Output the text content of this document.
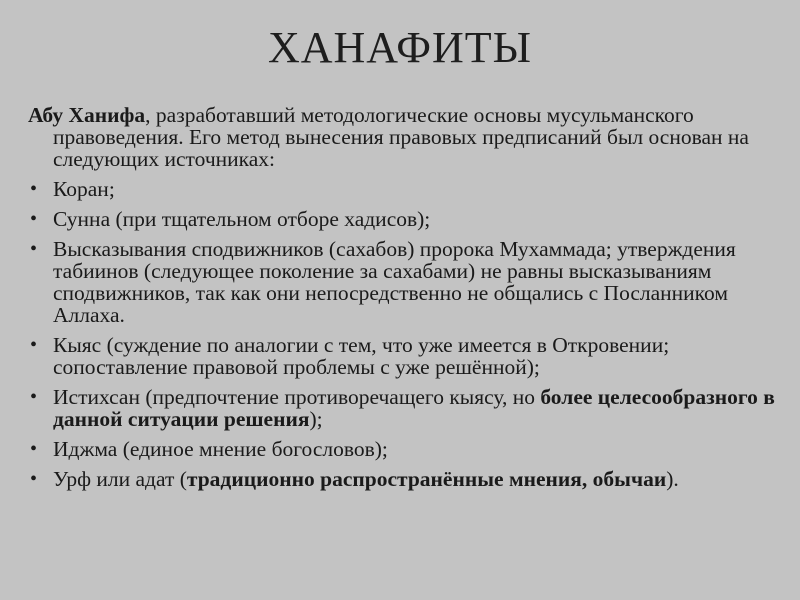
ХАНАФИТЫ

Абу Ханифа, разработавший методологические основы мусульманского правоведения. Его метод вынесения правовых предписаний был основан на следующих источниках:

• Коран;
• Сунна (при тщательном отборе хадисов);
• Высказывания сподвижников (сахабов) пророка Мухаммада; утверждения табиинов (следующее поколение за сахабами) не равны высказываниям сподвижников, так как они непосредственно не общались с Посланником Аллаха.
• Кыяс (суждение по аналогии с тем, что уже имеется в Откровении; сопоставление правовой проблемы с уже решённой);
• Истихсан (предпочтение противоречащего кыясу, но более целесообразного в данной ситуации решения);
• Иджма (единое мнение богословов);
• Урф или адат (традиционно распространённые мнения, обычаи).
